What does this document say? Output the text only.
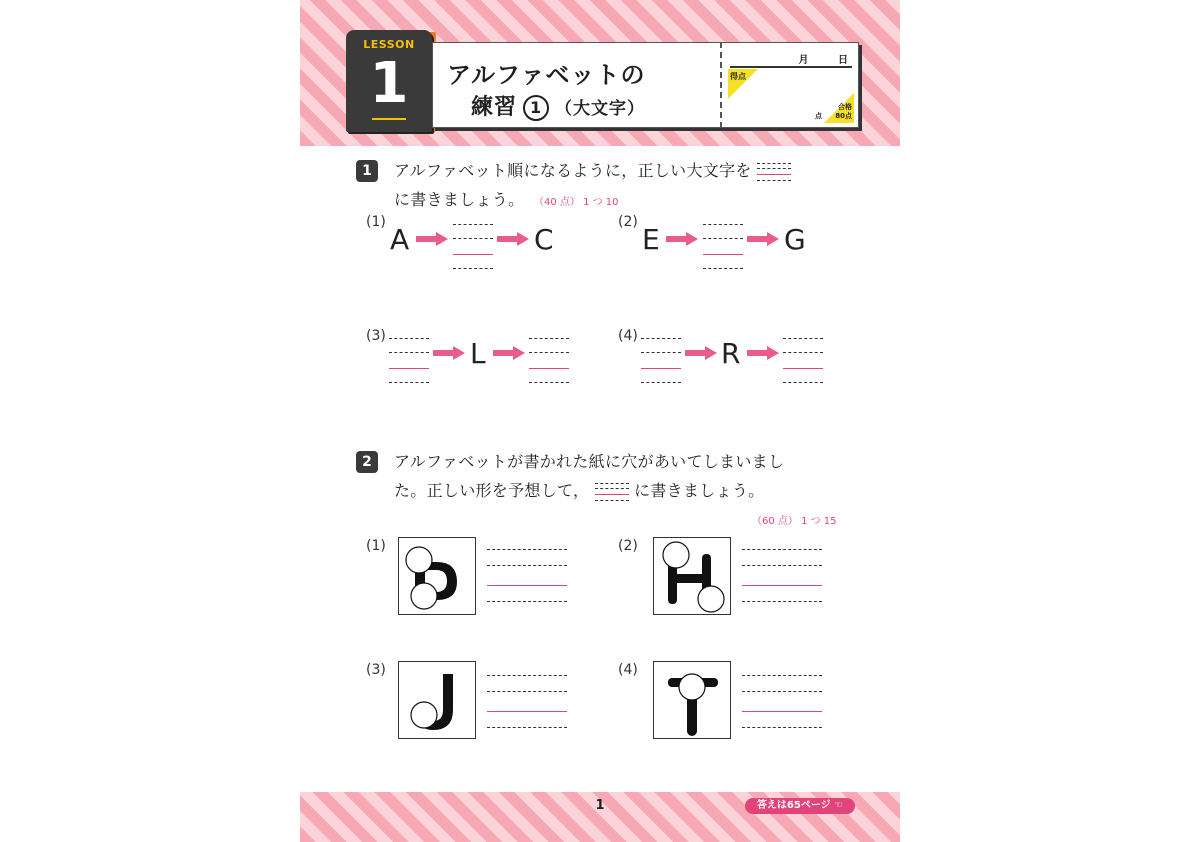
LESSON
1	アルファベットの
練習 1 （大文字）
月 日
得点
点
合格
80点
1	アルファベット順になるように，正しい大文字を
に書きましょう。 （40 点） 1 つ 10
(1)
A	C
(2)
E	G
(3)
L
(4)
R
2	アルファベットが書かれた紙に穴があいてしまいまし
た。正しい形を予想して，	に書きましょう。
（60 点） 1 つ 15
(1)	(2)
(3)	(4)
1	答えは65ページ ☜
